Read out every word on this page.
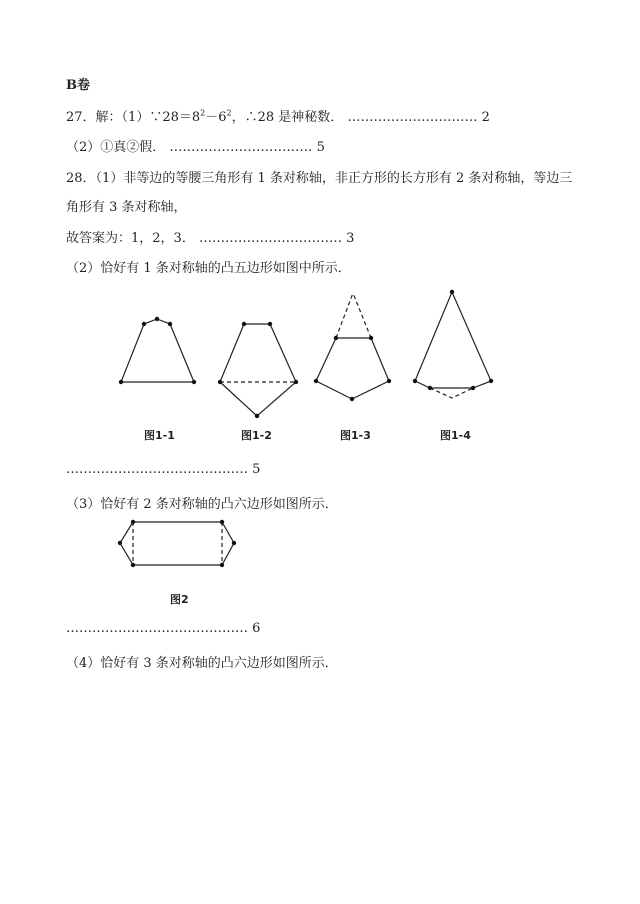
B卷
27．解：$(1)\because 28=8^2-6^2$，∴28 是神秘数． ………………………… 2
（2）①真②假． …………………………… 5
28．（1）非等边的等腰三角形有 1 条对称轴，非正方形的长方形有 2 条对称轴，等边三
角形有 3 条对称轴，
故答案为：1，2，3． …………………………… 3
（2）恰好有 1 条对称轴的凸五边形如图中所示．
图1-1	图1-2	图1-3	图1-4
…………………………………… 5
（3）恰好有 2 条对称轴的凸六边形如图所示．
图2
…………………………………… 6
（4）恰好有 3 条对称轴的凸六边形如图所示．
